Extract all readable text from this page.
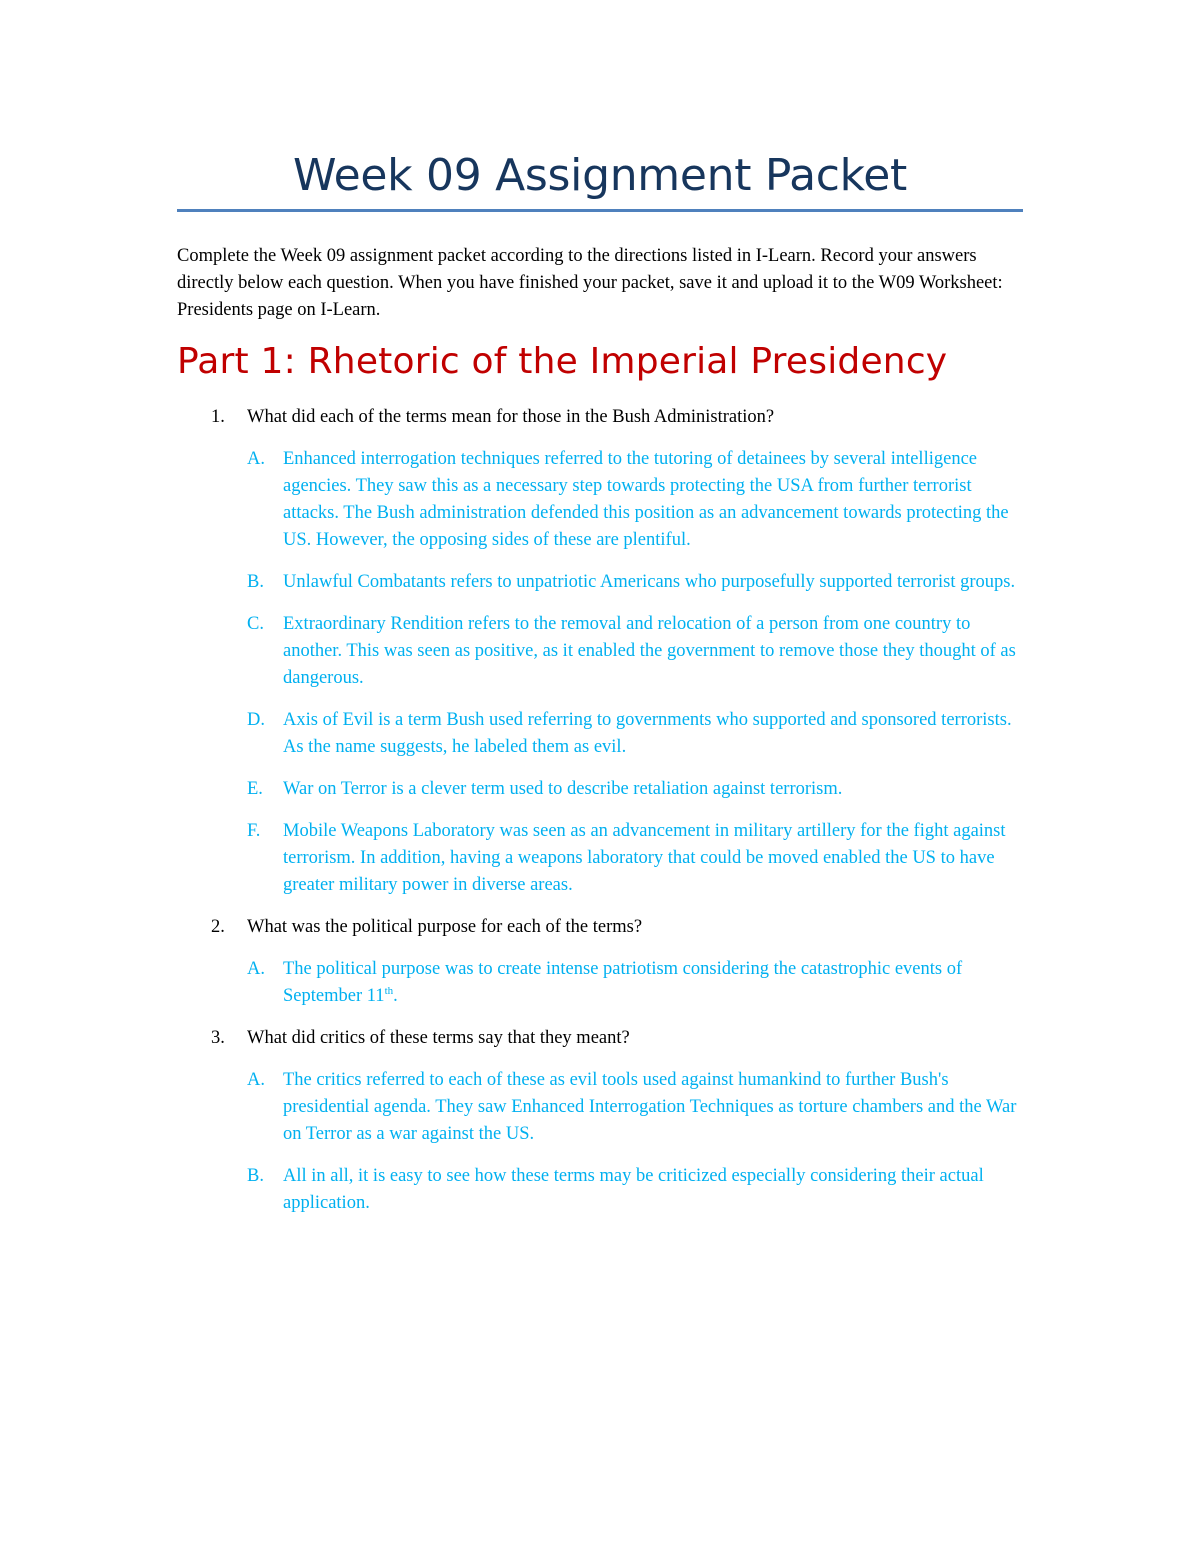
Week 09 Assignment Packet

Complete the Week 09 assignment packet according to the directions listed in I-Learn. Record your answers directly below each question. When you have finished your packet, save it and upload it to the W09 Worksheet: Presidents page on I-Learn.

Part 1: Rhetoric of the Imperial Presidency
1. What did each of the terms mean for those in the Bush Administration?
A. Enhanced interrogation techniques referred to the tutoring of detainees by several intelligence agencies. They saw this as a necessary step towards protecting the USA from further terrorist attacks. The Bush administration defended this position as an advancement towards protecting the US. However, the opposing sides of these are plentiful.
B. Unlawful Combatants refers to unpatriotic Americans who purposefully supported terrorist groups.
C. Extraordinary Rendition refers to the removal and relocation of a person from one country to another. This was seen as positive, as it enabled the government to remove those they thought of as dangerous.
D. Axis of Evil is a term Bush used referring to governments who supported and sponsored terrorists. As the name suggests, he labeled them as evil.
E. War on Terror is a clever term used to describe retaliation against terrorism.
F. Mobile Weapons Laboratory was seen as an advancement in military artillery for the fight against terrorism. In addition, having a weapons laboratory that could be moved enabled the US to have greater military power in diverse areas.
2. What was the political purpose for each of the terms?
A. The political purpose was to create intense patriotism considering the catastrophic events of September 11th.
3. What did critics of these terms say that they meant?
A. The critics referred to each of these as evil tools used against humankind to further Bush's presidential agenda. They saw Enhanced Interrogation Techniques as torture chambers and the War on Terror as a war against the US.
B. All in all, it is easy to see how these terms may be criticized especially considering their actual application.
